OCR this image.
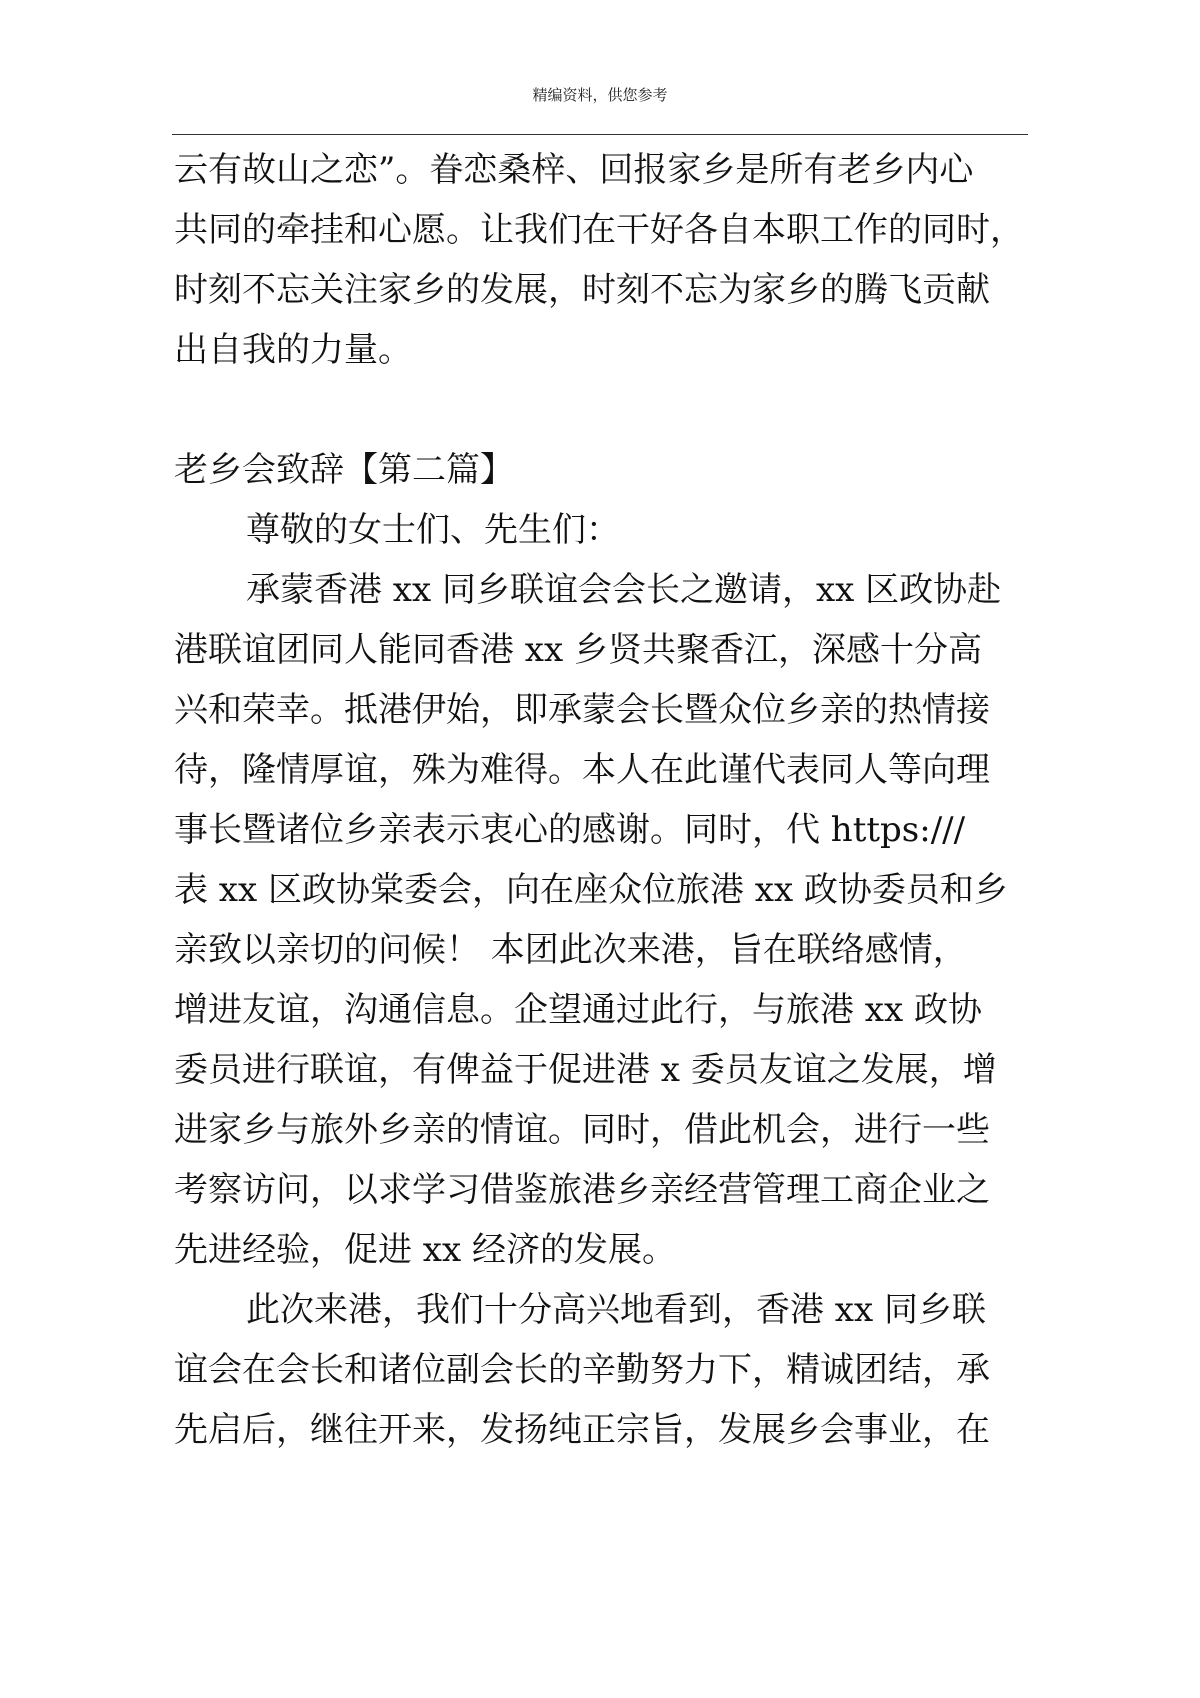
精编资料，供您参考

云有故山之恋”。眷恋桑梓、回报家乡是所有老乡内心

共同的牵挂和心愿。让我们在干好各自本职工作的同时，

时刻不忘关注家乡的发展，时刻不忘为家乡的腾飞贡献

出自我的力量。

老乡会致辞【第二篇】

尊敬的女士们、先生们：

承蒙香港 xx 同乡联谊会会长之邀请，xx 区政协赴

港联谊团同人能同香港 xx 乡贤共聚香江，深感十分高

兴和荣幸。抵港伊始，即承蒙会长暨众位乡亲的热情接

待，隆情厚谊，殊为难得。本人在此谨代表同人等向理

事长暨诸位乡亲表示衷心的感谢。同时，代 https:///

表 xx 区政协棠委会，向在座众位旅港 xx 政协委员和乡

亲致以亲切的问候！ 本团此次来港，旨在联络感情，

增进友谊，沟通信息。企望通过此行，与旅港 xx 政协

委员进行联谊，有俾益于促进港 x 委员友谊之发展，增

进家乡与旅外乡亲的情谊。同时，借此机会，进行一些

考察访问，以求学习借鉴旅港乡亲经营管理工商企业之

先进经验，促进 xx 经济的发展。

此次来港，我们十分高兴地看到，香港 xx 同乡联

谊会在会长和诸位副会长的辛勤努力下，精诚团结，承

先启后，继往开来，发扬纯正宗旨，发展乡会事业，在
